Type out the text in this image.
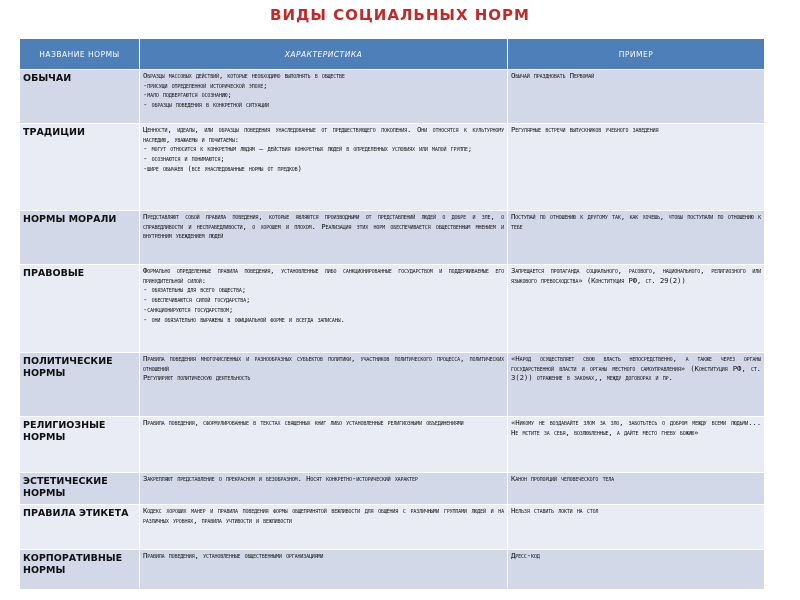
ВИДЫ СОЦИАЛЬНЫХ НОРМ
НАЗВАНИЕ НОРМЫ	ХАРАКТЕРИСТИКА	ПРИМЕР

ОБЫЧАИ	Образцы массовых действий, которые необходимо выполнять в обществе
-присущи определенной исторической эпохе;
-мало подвергаются осознанию;
- образцы поведения в конкретной ситуации	Обычай праздновать Первомай

ТРАДИЦИИ	Ценности, идеалы, или образцы поведения унаследованные от предшествующего поколения. Они относятся к культурному наследию, уважаемы и почитаемы:
- могут относится к конкретным людям – действия конкретных людей в определенных условиях или малой группе;
- осознаются и понимаются;
-шире обычаев (все унаследованные нормы от предков)	Регулярные встречи выпускников учебного заведения

НОРМЫ МОРАЛИ	Представляют собой правила поведения, которые являются производными от представлений людей о добре и зле, о справедливости и несправедливости, о хорошем и плохом. Реализация этих норм обеспечивается общественным мнением и внутренним убеждением людей	Поступай по отношению к другому так, как хочешь, чтобы поступали по отношению к тебе

ПРАВОВЫЕ	Формально определенные правила поведения, установленные либо санкционированные государством и поддерживаемые его принудительной силой:
- обязательны для всего общества;
- обеспечиваются силой государства;
-санкционируются государством;
- они обязательно выражены в официальной форме и всегда записаны.	Запрещается пропаганда социального, расового, национального, религиозного или языкового превосходства» (Конституция РФ, ст. 29(2))

ПОЛИТИЧЕСКИЕ НОРМЫ	Правила поведения многочисленных и разнообразных субъектов политики, участников политического процесса, политических отношений
Регулируют политическую деятельность	«Народ осуществляет свою власть непосредственно, а также через органы государственной власти и органы местного самоуправления» (Конституция РФ, ст. 3(2)) отражение в законах,, между договорах и пр.

РЕЛИГИОЗНЫЕ НОРМЫ	Правила поведения, сформулированные в текстах священных книг либо установленные религиозными объединениями	«Никому не воздавайте злом за зло, заботьтесь о добром между всеми людьми... Не мстите за себя, возлюбленные, а дайте место гневу божию»

ЭСТЕТИЧЕСКИЕ НОРМЫ	Закрепляют представление о прекрасном и безобразном. Носят конкретно-исторический характер	Канон пропорций человеческого тела

ПРАВИЛА ЭТИКЕТА	Кодекс хороших манер и правила поведения формы общепринятой вежливости для общения с различными группами людей и на различных уровнях, правила учтивости и вежливости	Нельзя ставить локти на стол

КОРПОРАТИВНЫЕ НОРМЫ	Правила поведения, установленные общественными организациями	Дресс-код
